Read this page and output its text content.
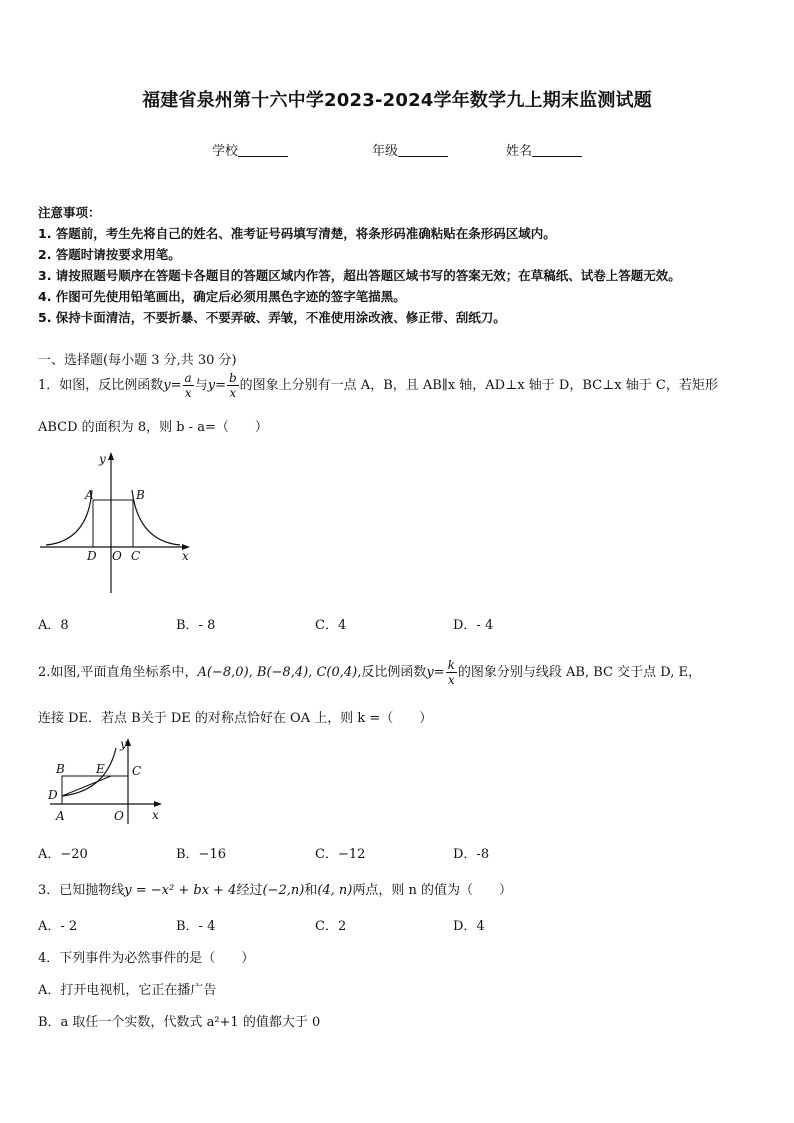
福建省泉州第十六中学2023-2024学年数学九上期末监测试题
学校	年级	姓名
注意事项：
1. 答题前，考生先将自己的姓名、准考证号码填写清楚，将条形码准确粘贴在条形码区域内。
2. 答题时请按要求用笔。
3. 请按照题号顺序在答题卡各题目的答题区域内作答，超出答题区域书写的答案无效；在草稿纸、试卷上答题无效。
4. 作图可先使用铅笔画出，确定后必须用黑色字迹的签字笔描黑。
5. 保持卡面清洁，不要折暴、不要弄破、弄皱，不准使用涂改液、修正带、刮纸刀。
一、选择题(每小题 3 分,共 30 分)
1．如图，反比例函数$y= \frac{a}{x}$ 与$y= \frac{b}{x}$ 的图象上分别有一点 A，B，且 AB∥x 轴，AD⊥x 轴于 D，BC⊥x 轴于 C，若矩形
ABCD 的面积为 8，则 b - a=（　　）
y
A	B
D O C	x
A．8	B．- 8	C．4	D．- 4
2.如图,平面直角坐标系中，A(−8,0), B(−8,4), C(0,4),反比例函数$y= \frac{k}{x}$ 的图象分别与线段 AB, BC 交于点 D, E，
连接 DE．若点 B关于 DE 的对称点恰好在 OA 上，则 k =（　　）
y
B	E C
D
A	O x
A．−20	B．−16	C．−12	D．-8
3．已知抛物线y = −x² + bx + 4经过(−2,n)和(4, n)两点，则 n 的值为（　　）
A．- 2	B．- 4	C．2	D．4
4．下列事件为必然事件的是（　　）
A．打开电视机，它正在播广告
B．a 取任一个实数，代数式 a²+1 的值都大于 0
